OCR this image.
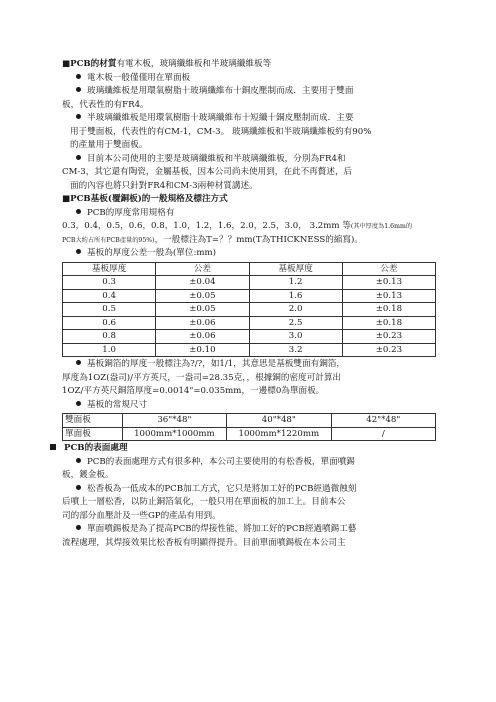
■PCB的材質有電木板，玻璃纖維板和半玻璃纖維板等

電木板一般僅僅用在單面板

玻璃纖維板是用環氧樹脂十玻璃纖維布十銅皮壓制而成．主要用于雙面

板，代表性的有FR4。

半玻璃纖維板是用環氧樹脂十玻璃纖維布十短纖十銅皮壓制而成．主要

用于雙面板，代表性的有CM-1，CM-3。 玻璃纖維板和半玻璃纖維板約有90%

的產量用于雙面板。

目前本公司使用的主要是玻璃纖維板和半玻璃纖維板，分別為FR4和

CM-3，其它還有陶瓷，金屬基板，因本公司尚未使用到，在此不再贅述，后

面的內容也將只針對FR4和CM-3兩种材質講述。

■PCB基板(覆銅板)的一般規格及標注方式

PCB的厚度常用規格有

0.3，0.4，0.5，0.6，0.8，1.0，1.2，1.6，2.0，2.5，3.0， 3.2mm 等(其中厚度為1.6mm的

PCB大約占所有PCB產量的95%)，一般標注為T=？？mm(T為THICKNESS的縮寫)。

基板的厚度公差一般為(單位:mm)

基板厚度	公差	基板厚度	公差
0.3	±0.04	1.2	±0.13
0.4	±0.05	1.6	±0.13
0.5	±0.05	2.0	±0.18
0.6	±0.06	2.5	±0.18
0.8	±0.06	3.0	±0.23
1.0	±0.10	3.2	±0.23

基板銅箔的厚度一般標注為?/?，如1/1，其意思是基板雙面有銅箔，

厚度為1OZ(盎司)/平方英尺，一盎司=28.35克，，根據銅的密度可計算出

1OZ/平方英尺銅箔厚度=0.0014"=0.035mm，一邊標0為單面板。

基板的常規尺寸

雙面板	36"*48"	40"*48"	42"*48"
單面板	1000mm*1000mm	1000mm*1220mm	/

PCB的表面處理

PCB的表面處理方式有很多种，本公司主要使用的有松香板，單面噴錫

板，鍍金板。

松香板為一低成本的PCB加工方式，它只是將加工好的PCB經過微蝕刻

后噴上一層松香，以防止銅箔氧化，一般只用在單面板的加工上。目前本公

司的部分血壓計及一些GP的產品有用到。

單面噴錫板是為了提高PCB的焊接性能，將加工好的PCB經過噴錫工藝

流程處理，其焊接效果比松香板有明顯得提升。目前單面噴錫板在本公司主
